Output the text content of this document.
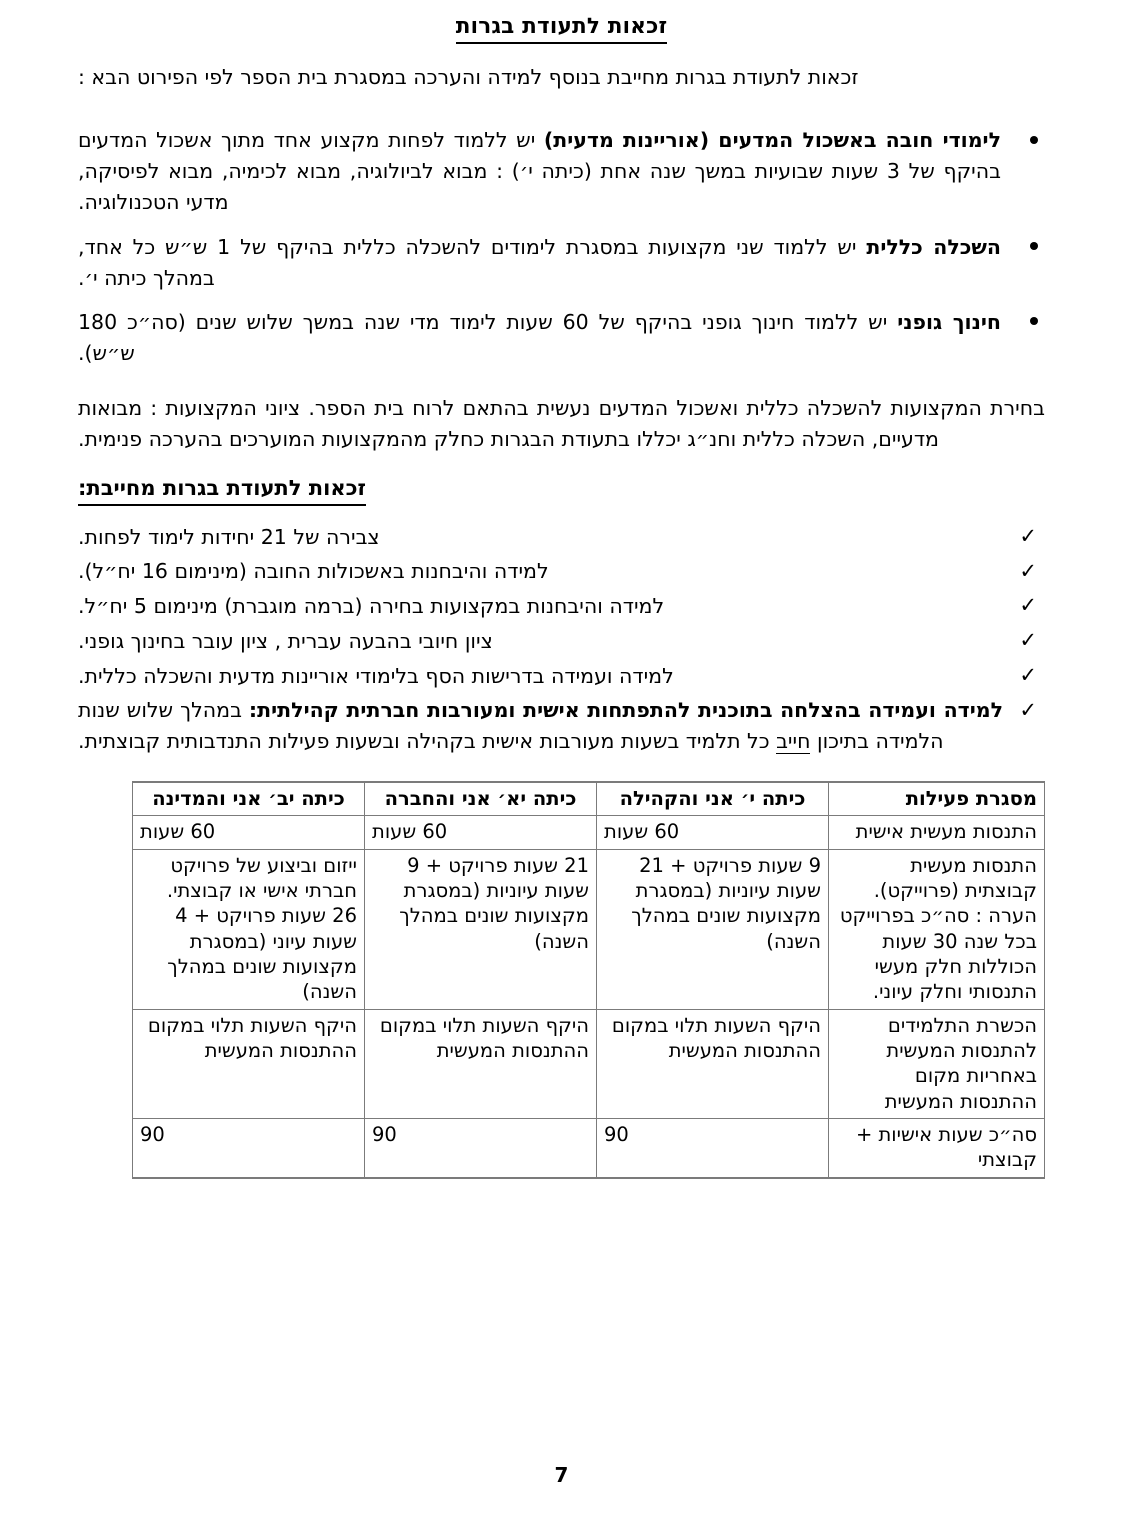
זכאות לתעודת בגרות

זכאות לתעודת בגרות מחייבת בנוסף למידה והערכה במסגרת בית הספר לפי הפירוט הבא :

לימודי חובה באשכול המדעים (אוריינות מדעית) יש ללמוד לפחות מקצוע אחד מתוך אשכול המדעים בהיקף של 3 שעות שבועיות במשך שנה אחת (כיתה י׳) : מבוא לביולוגיה, מבוא לכימיה, מבוא לפיסיקה, מדעי הטכנולוגיה.
השכלה כללית יש ללמוד שני מקצועות במסגרת לימודים להשכלה כללית בהיקף של 1 ש״ש כל אחד, במהלך כיתה י׳.
חינוך גופני יש ללמוד חינוך גופני בהיקף של 60 שעות לימוד מדי שנה במשך שלוש שנים (סה״כ 180 ש״ש).

בחירת המקצועות להשכלה כללית ואשכול המדעים נעשית בהתאם לרוח בית הספר. ציוני המקצועות : מבואות מדעיים, השכלה כללית וחנ״ג יכללו בתעודת הבגרות כחלק מהמקצועות המוערכים בהערכה פנימית.

זכאות לתעודת בגרות מחייבת:
✓
צבירה של 21 יחידות לימוד לפחות.
✓
למידה והיבחנות באשכולות החובה (מינימום 16 יח״ל).
✓
למידה והיבחנות במקצועות בחירה (ברמה מוגברת) מינימום 5 יח״ל.
✓
ציון חיובי בהבעה עברית , ציון עובר בחינוך גופני.
✓
למידה ועמידה בדרישות הסף בלימודי אוריינות מדעית והשכלה כללית.
✓
למידה ועמידה בהצלחה בתוכנית להתפתחות אישית ומעורבות חברתית קהילתית: במהלך שלוש שנות הלמידה בתיכון חייב כל תלמיד בשעות מעורבות אישית בקהילה ובשעות פעילות התנדבותית קבוצתית.
מסגרת פעילות	כיתה י׳ אני והקהילה	כיתה יא׳ אני והחברה	כיתה יב׳ אני והמדינה
התנסות מעשית אישית	60 שעות	60 שעות	60 שעות
התנסות מעשית קבוצתית (פרוייקט). הערה : סה״כ בפרוייקט בכל שנה 30 שעות הכוללות חלק מעשי התנסותי וחלק עיוני.	9 שעות פרויקט + 21 שעות עיוניות (במסגרת מקצועות שונים במהלך השנה)	21 שעות פרויקט + 9 שעות עיוניות (במסגרת מקצועות שונים במהלך השנה)	ייזום וביצוע של פרויקט חברתי אישי או קבוצתי. 26 שעות פרויקט + 4 שעות עיוני (במסגרת מקצועות שונים במהלך השנה)
הכשרת התלמידים להתנסות המעשית באחריות מקום ההתנסות המעשית	היקף השעות תלוי במקום ההתנסות המעשית	היקף השעות תלוי במקום ההתנסות המעשית	היקף השעות תלוי במקום ההתנסות המעשית
סה״כ שעות אישיות + קבוצתי	90	90	90
7
